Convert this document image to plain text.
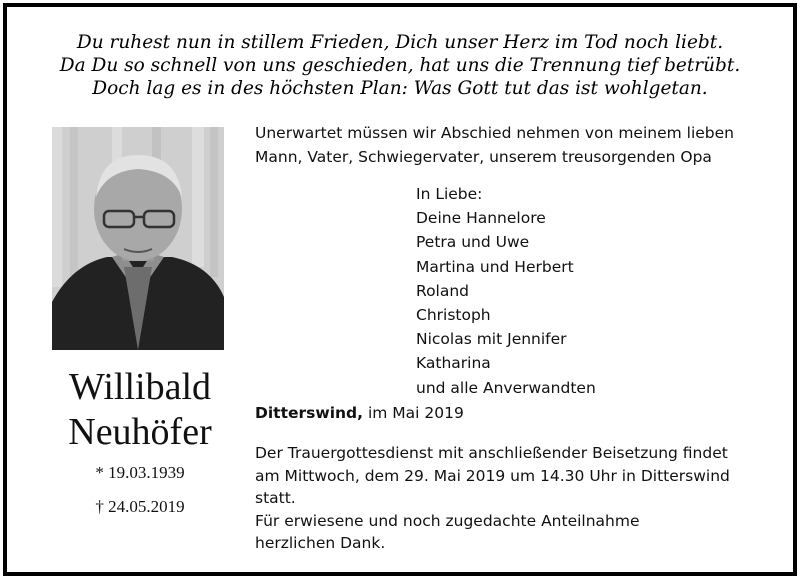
Du ruhest nun in stillem Frieden, Dich unser Herz im Tod noch liebt.
Da Du so schnell von uns geschieden, hat uns die Trennung tief betrübt.
Doch lag es in des höchsten Plan: Was Gott tut das ist wohlgetan.
Willibald
Neuhöfer
* 19.03.1939
† 24.05.2019
Unerwartet müssen wir Abschied nehmen von meinem lieben
Mann, Vater, Schwiegervater, unserem treusorgenden Opa
In Liebe:
Deine Hannelore
Petra und Uwe
Martina und Herbert
Roland
Christoph
Nicolas mit Jennifer
Katharina
und alle Anverwandten
Ditterswind, im Mai 2019
Der Trauergottesdienst mit anschließender Beisetzung findet
am Mittwoch, dem 29. Mai 2019 um 14.30 Uhr in Ditterswind
statt.
Für erwiesene und noch zugedachte Anteilnahme
herzlichen Dank.
